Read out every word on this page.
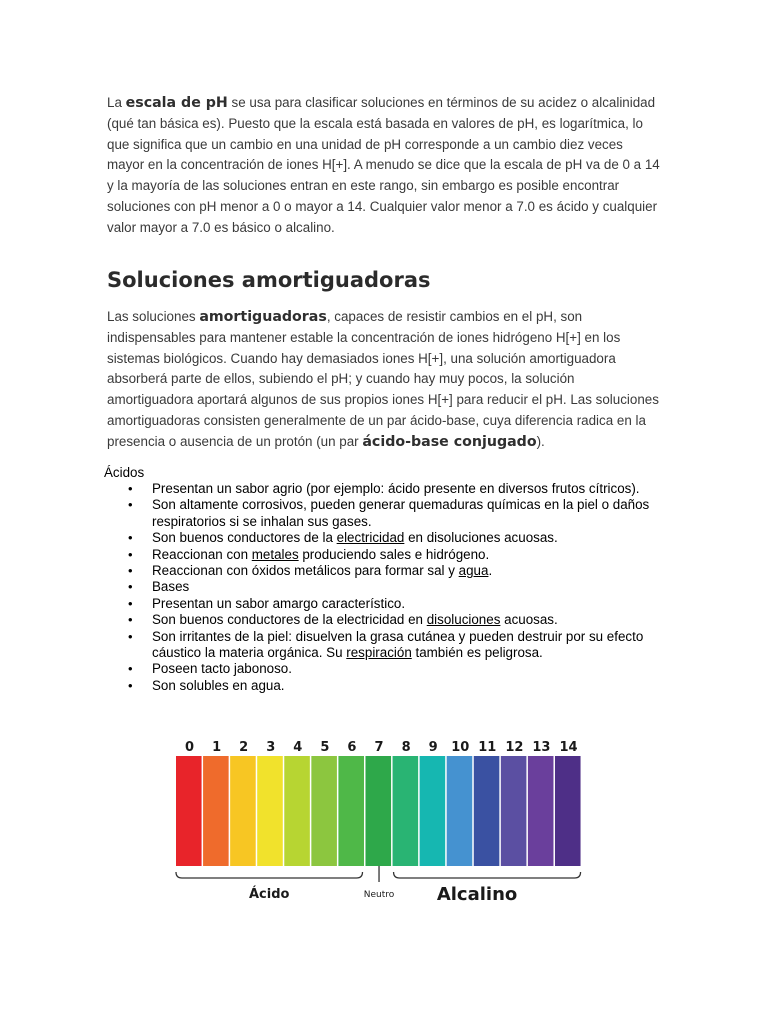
La escala de pH se usa para clasificar soluciones en términos de su acidez o alcalinidad (qué tan básica es). Puesto que la escala está basada en valores de pH, es logarítmica, lo que significa que un cambio en una unidad de pH corresponde a un cambio diez veces mayor en la concentración de iones H[+]. A menudo se dice que la escala de pH va de 0 a 14 y la mayoría de las soluciones entran en este rango, sin embargo es posible encontrar soluciones con pH menor a 0 o mayor a 14. Cualquier valor menor a 7.0 es ácido y cualquier valor mayor a 7.0 es básico o alcalino.

Soluciones amortiguadoras

Las soluciones amortiguadoras, capaces de resistir cambios en el pH, son indispensables para mantener estable la concentración de iones hidrógeno H[+] en los sistemas biológicos. Cuando hay demasiados iones H[+], una solución amortiguadora absorberá parte de ellos, subiendo el pH; y cuando hay muy pocos, la solución amortiguadora aportará algunos de sus propios iones H[+] para reducir el pH. Las soluciones amortiguadoras consisten generalmente de un par ácido-base, cuya diferencia radica en la presencia o ausencia de un protón (un par ácido-base conjugado).

Ácidos

• Presentan un sabor agrio (por ejemplo: ácido presente en diversos frutos cítricos).
• Son altamente corrosivos, pueden generar quemaduras químicas en la piel o daños respiratorios si se inhalan sus gases.
• Son buenos conductores de la electricidad en disoluciones acuosas.
• Reaccionan con metales produciendo sales e hidrógeno.
• Reaccionan con óxidos metálicos para formar sal y agua.
• Bases
• Presentan un sabor amargo característico.
• Son buenos conductores de la electricidad en disoluciones acuosas.
• Son irritantes de la piel: disuelven la grasa cutánea y pueden destruir por su efecto cáustico la materia orgánica. Su respiración también es peligrosa.
• Poseen tacto jabonoso.
• Son solubles en agua.
0 1 2 3 4 5 6 7 8 9 10 11 12 13 14
Ácido	Neutro Alcalino
